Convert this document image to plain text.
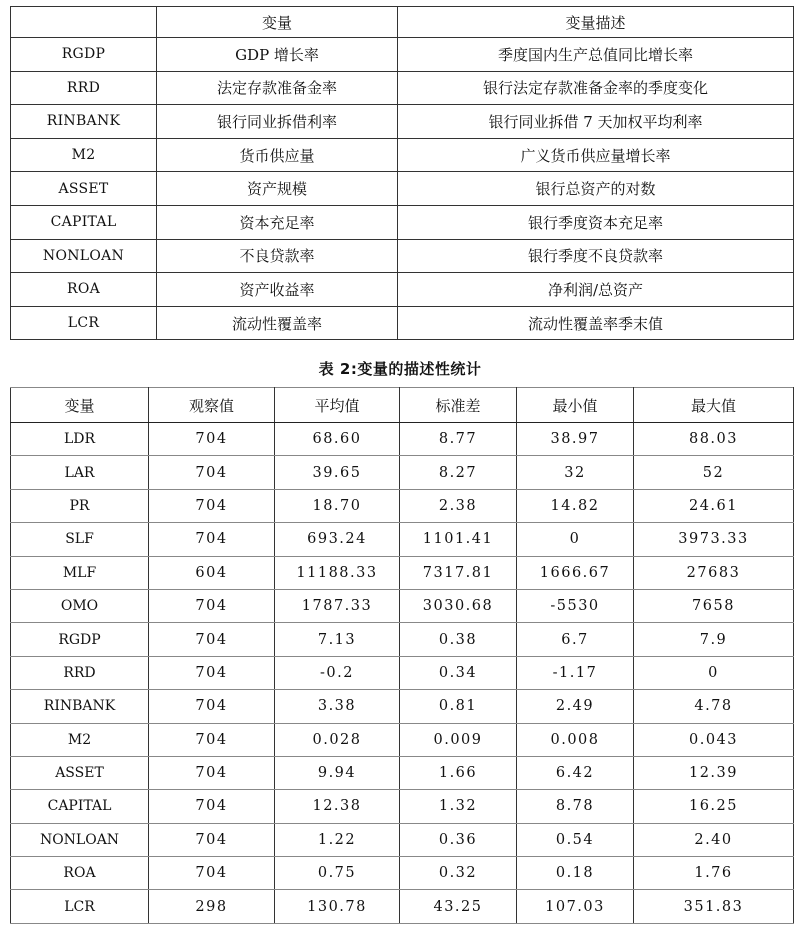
	变量	变量描述
RGDP	GDP 增长率	季度国内生产总值同比增长率
RRD	法定存款准备金率	银行法定存款准备金率的季度变化
RINBANK	银行同业拆借利率	银行同业拆借 7 天加权平均利率
M2	货币供应量	广义货币供应量增长率
ASSET	资产规模	银行总资产的对数
CAPITAL	资本充足率	银行季度资本充足率
NONLOAN	不良贷款率	银行季度不良贷款率
ROA	资产收益率	净利润/总资产
LCR	流动性覆盖率	流动性覆盖率季末值
表 2:变量的描述性统计
变量	观察值	平均值	标准差	最小值	最大值
LDR	704	68.60	8.77	38.97	88.03
LAR	704	39.65	8.27	32	52
PR	704	18.70	2.38	14.82	24.61
SLF	704	693.24	1101.41	0	3973.33
MLF	604	11188.33	7317.81	1666.67	27683
OMO	704	1787.33	3030.68	-5530	7658
RGDP	704	7.13	0.38	6.7	7.9
RRD	704	-0.2	0.34	-1.17	0
RINBANK	704	3.38	0.81	2.49	4.78
M2	704	0.028	0.009	0.008	0.043
ASSET	704	9.94	1.66	6.42	12.39
CAPITAL	704	12.38	1.32	8.78	16.25
NONLOAN	704	1.22	0.36	0.54	2.40
ROA	704	0.75	0.32	0.18	1.76
LCR	298	130.78	43.25	107.03	351.83
